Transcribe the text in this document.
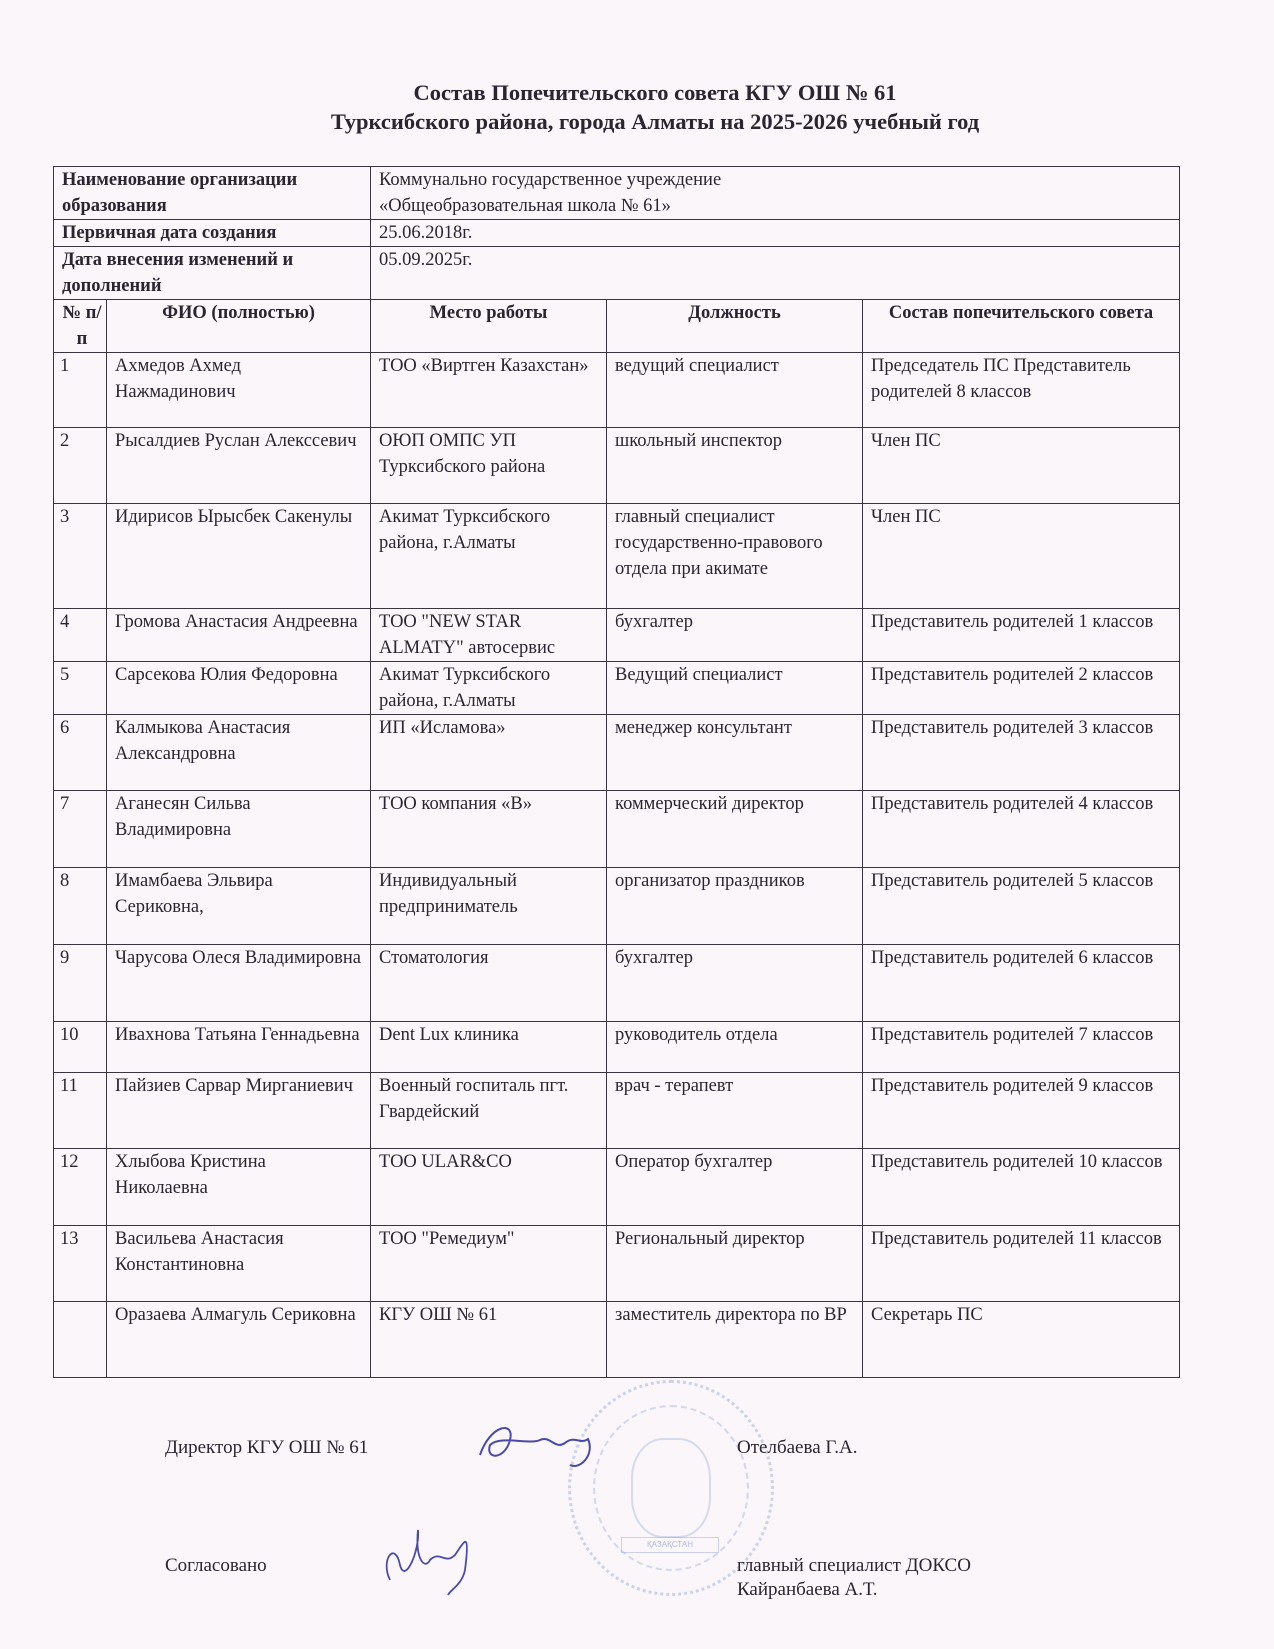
Состав Попечительского совета КГУ ОШ № 61
Турксибского района, города Алматы на 2025-2026 учебный год
Наименование организации образования		Коммунально государственное учреждение
«Общеобразовательная школа № 61»		

Первичная дата создания		25.06.2018г.		
Дата внесения изменений и дополнений		05.09.2025г.		
№ п/п	ФИО (полностью)	Место работы	Должность	Состав попечительского совета
1	Ахмедов Ахмед Нажмадинович	ТОО «Виртген Казахстан»	ведущий специалист	Председатель ПС Представитель родителей 8 классов
2	Рысалдиев Руслан Алекссевич	ОЮП ОМПС УП Турксибского района	школьный инспектор	Член ПС
3	Идирисов Ырысбек Сакенулы	Акимат Турксибского района, г.Алматы	главный специалист государственно-правового отдела при акимате	Член ПС
4	Громова Анастасия Андреевна	ТОО "NEW STAR ALMATY" автосервис	бухгалтер	Представитель родителей 1 классов
5	Сарсекова Юлия Федоровна	Акимат Турксибского района, г.Алматы	Ведущий специалист	Представитель родителей 2 классов
6	Калмыкова Анастасия Александровна	ИП «Исламова»	менеджер консультант	Представитель родителей 3 классов
7	Аганесян Сильва Владимировна	ТОО компания «В»	коммерческий директор	Представитель родителей 4 классов
8	Имамбаева Эльвира Сериковна,	Индивидуальный предприниматель	организатор праздников	Представитель родителей 5 классов
9	Чарусова Олеся Владимировна	Стоматология	бухгалтер	Представитель родителей 6 классов
10	Ивахнова Татьяна Геннадьевна	Dent Lux клиника	руководитель отдела	Представитель родителей 7 классов
11	Пайзиев Сарвар Мирганиевич	Военный госпиталь пгт. Гвардейский	врач - терапевт	Представитель родителей 9 классов
12	Хлыбова Кристина Николаевна	ТОО ULAR&CO	Оператор бухгалтер	Представитель родителей 10 классов
13	Васильева Анастасия Константиновна	ТОО "Ремедиум"	Региональный директор	Представитель родителей 11 классов
	Оразаева Алмагуль Сериковна	КГУ ОШ № 61	заместитель директора по ВР	Секретарь ПС
ҚАЗАҚСТАН
Директор КГУ ОШ № 61	Отелбаева Г.А.
Согласовано	главный специалист ДОКСО
Кайранбаева А.Т.
